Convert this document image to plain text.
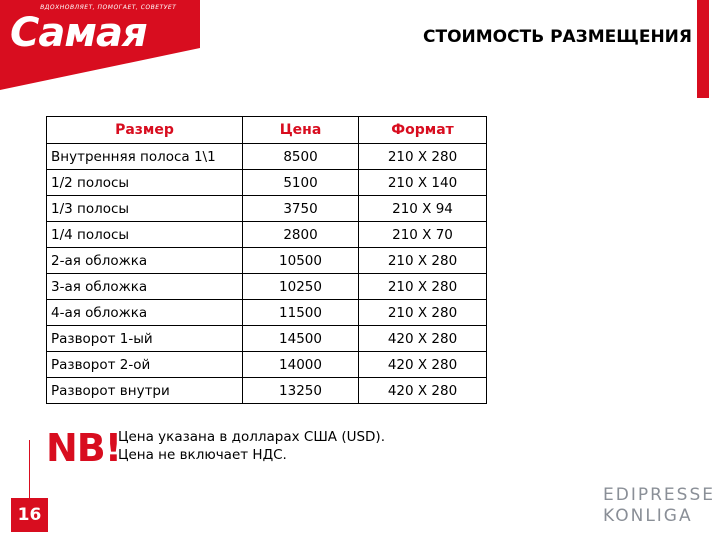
ВДОХНОВЛЯЕТ, ПОМОГАЕТ, СОВЕТУЕТ
Самая	СТОИМОСТЬ РАЗМЕЩЕНИЯ
Размер	Цена	Формат
Внутренняя полоса 1\1	8500	210 X 280
1/2 полосы	5100	210 X 140
1/3 полосы	3750	210 X 94
1/4 полосы	2800	210 X 70
2-ая обложка	10500	210 X 280
3-ая обложка	10250	210 X 280
4-ая обложка	11500	210 X 280
Разворот 1-ый	14500	420 X 280
Разворот 2-ой	14000	420 X 280
Разворот внутри	13250	420 X 280
NB!
Цена указана в долларах США (USD).
Цена не включает НДС.
16
EDIPRESSE
KONLIGA
